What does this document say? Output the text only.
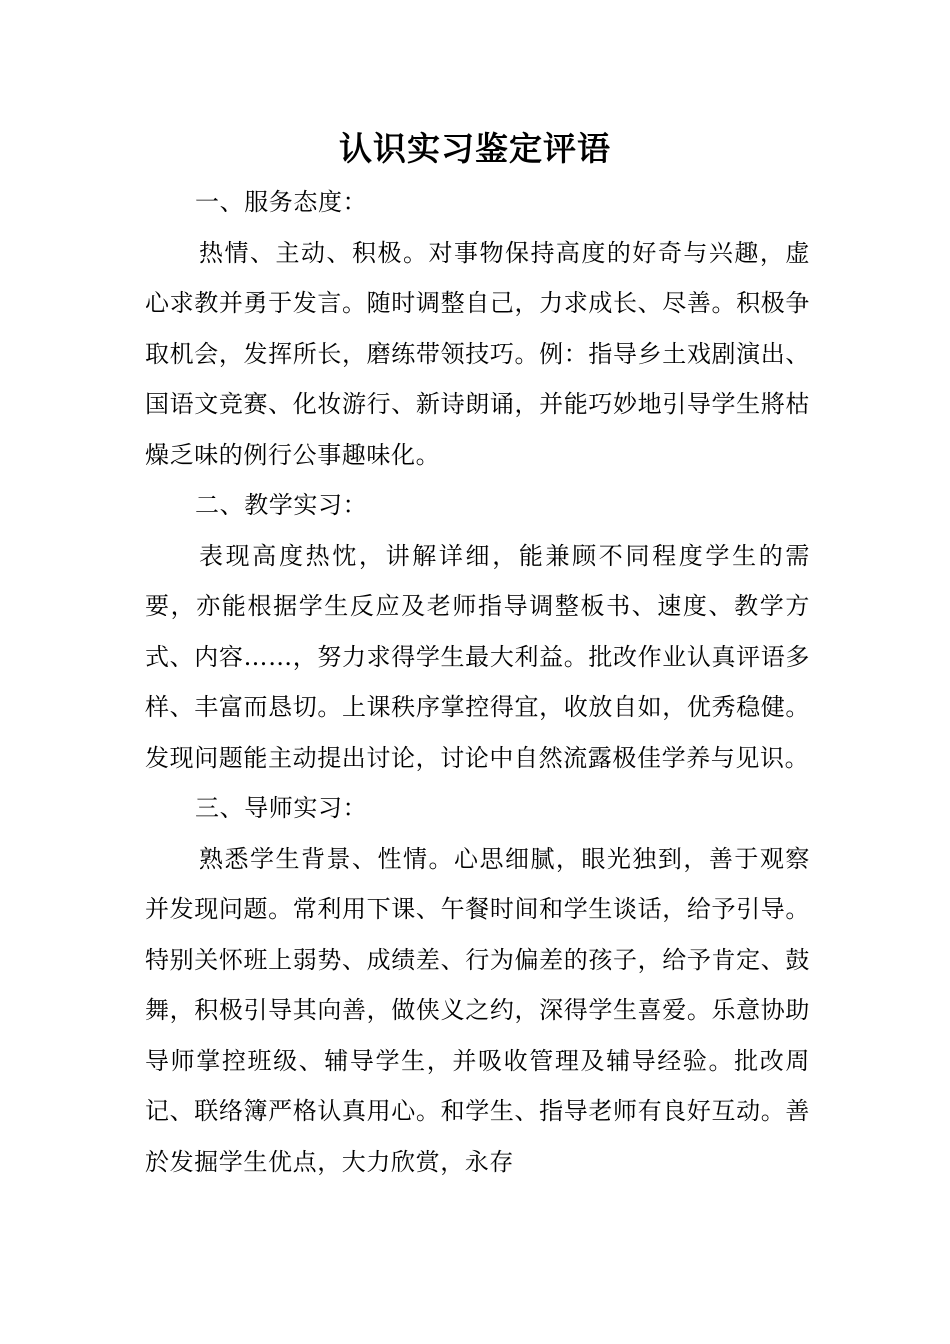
认识实习鉴定评语

一、服务态度：

热情、主动、积极。对事物保持高度的好奇与兴趣，虚心求教并勇于发言。随时调整自己，力求成长、尽善。积极争取机会，发挥所长，磨练带领技巧。例：指导乡土戏剧演出、国语文竞赛、化妆游行、新诗朗诵，并能巧妙地引导学生將枯燥乏味的例行公事趣味化。

二、教学实习：

表现高度热忱，讲解详细，能兼顾不同程度学生的需要，亦能根据学生反应及老师指导调整板书、速度、教学方式、内容……，努力求得学生最大利益。批改作业认真评语多样、丰富而恳切。上课秩序掌控得宜，收放自如，优秀稳健。发现问题能主动提出讨论，讨论中自然流露极佳学养与见识。

三、导师实习：

熟悉学生背景、性情。心思细腻，眼光独到，善于观察并发现问题。常利用下课、午餐时间和学生谈话，给予引导。特别关怀班上弱势、成绩差、行为偏差的孩子，给予肯定、鼓舞，积极引导其向善，做侠义之约，深得学生喜爱。乐意协助导师掌控班级、辅导学生，并吸收管理及辅导经验。批改周记、联络簿严格认真用心。和学生、指导老师有良好互动。善於发掘学生优点，大力欣赏，永存
